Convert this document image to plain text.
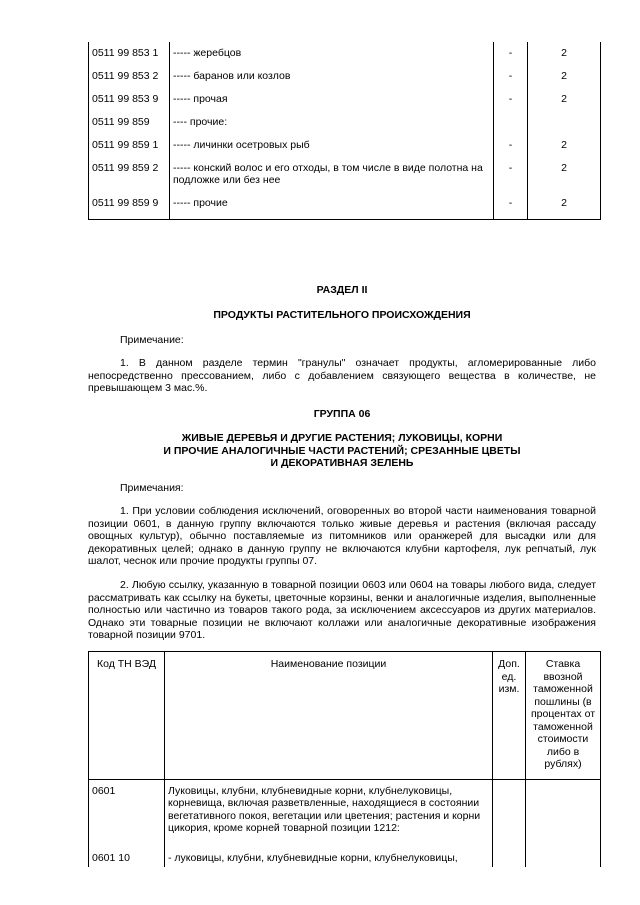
0511 99 853 1	----- жеребцов	-	2
0511 99 853 2	----- баранов или козлов	-	2
0511 99 853 9	----- прочая	-	2
0511 99 859	---- прочие:		
0511 99 859 1	----- личинки осетровых рыб	-	2
0511 99 859 2	----- конский волос и его отходы, в том числе в виде полотна на подложке или без нее	-	2
0511 99 859 9	----- прочие	-	2
РАЗДЕЛ II
ПРОДУКТЫ РАСТИТЕЛЬНОГО ПРОИСХОЖДЕНИЯ
Примечание:
1. В данном разделе термин "гранулы" означает продукты, агломерированные либо непосредственно прессованием, либо с добавлением связующего вещества в количестве, не превышающем 3 мас.%.
ГРУППА 06
ЖИВЫЕ ДЕРЕВЬЯ И ДРУГИЕ РАСТЕНИЯ; ЛУКОВИЦЫ, КОРНИ
И ПРОЧИЕ АНАЛОГИЧНЫЕ ЧАСТИ РАСТЕНИЙ; СРЕЗАННЫЕ ЦВЕТЫ
И ДЕКОРАТИВНАЯ ЗЕЛЕНЬ
Примечания:
1. При условии соблюдения исключений, оговоренных во второй части наименования товарной позиции 0601, в данную группу включаются только живые деревья и растения (включая рассаду овощных культур), обычно поставляемые из питомников или оранжерей для высадки или для декоративных целей; однако в данную группу не включаются клубни картофеля, лук репчатый, лук шалот, чеснок или прочие продукты группы 07.
2. Любую ссылку, указанную в товарной позиции 0603 или 0604 на товары любого вида, следует рассматривать как ссылку на букеты, цветочные корзины, венки и аналогичные изделия, выполненные полностью или частично из товаров такого рода, за исключением аксессуаров из других материалов. Однако эти товарные позиции не включают коллажи или аналогичные декоративные изображения товарной позиции 9701.
Код ТН ВЭД	Наименование позиции	Доп. ед. изм.	Ставка ввозной таможенной пошлины (в процентах от таможенной стоимости либо в рублях)
0601	Луковицы, клубни, клубневидные корни, клубнелуковицы, корневища, включая разветвленные, находящиеся в состоянии вегетативного покоя, вегетации или цветения; растения и корни цикория, кроме корней товарной позиции 1212:		
0601 10	- луковицы, клубни, клубневидные корни, клубнелуковицы,		
